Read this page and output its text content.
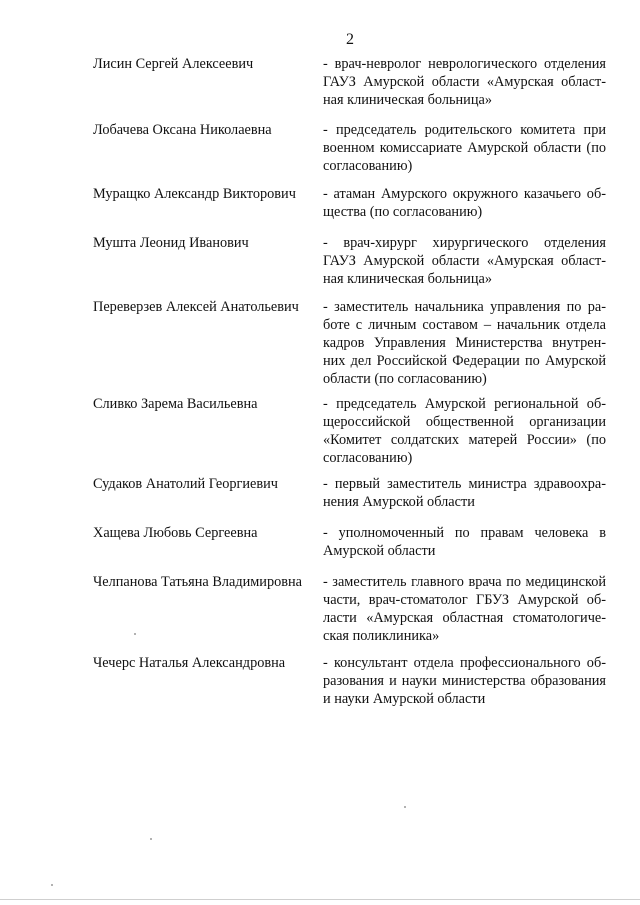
2
Лисин Сергей Алексеевич	- врач-невролог неврологического отделения
ГАУЗ Амурской области «Амурская област-
ная клиническая больница»
Лобачева Оксана Николаевна	- председатель родительского комитета при
военном комиссариате Амурской области (по
согласованию)
Муращко Александр Викторович	- атаман Амурского окружного казачьего об-
щества (по согласованию)
Мушта Леонид Иванович	- врач-хирург хирургического отделения
ГАУЗ Амурской области «Амурская област-
ная клиническая больница»
Переверзев Алексей Анатольевич	- заместитель начальника управления по ра-
боте с личным составом – начальник отдела
кадров Управления Министерства внутрен-
них дел Российской Федерации по Амурской
области (по согласованию)
Сливко Зарема Васильевна	- председатель Амурской региональной об-
щероссийской общественной организации
«Комитет солдатских матерей России» (по
согласованию)
Судаков Анатолий Георгиевич	- первый заместитель министра здравоохра-
нения Амурской области
Хащева Любовь Сергеевна	- уполномоченный по правам человека в
Амурской области
Челпанова Татьяна Владимировна	- заместитель главного врача по медицинской
части, врач-стоматолог ГБУЗ Амурской об-
ласти «Амурская областная стоматологиче-
ская поликлиника»
Чечерс Наталья Александровна	- консультант отдела профессионального об-
разования и науки министерства образования
и науки Амурской области
